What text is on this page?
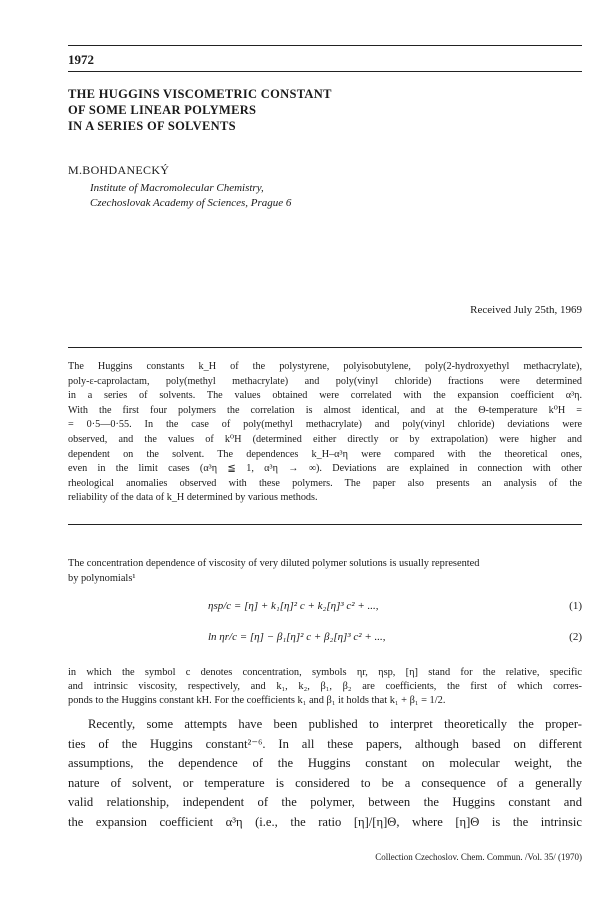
1972
THE HUGGINS VISCOMETRIC CONSTANT
OF SOME LINEAR POLYMERS
IN A SERIES OF SOLVENTS
M.BOHDANECKÝ
Institute of Macromolecular Chemistry,
Czechoslovak Academy of Sciences, Prague 6
Received July 25th, 1969
The Huggins constants k_H of the polystyrene, polyisobutylene, poly(2-hydroxyethyl methacrylate),
poly-ε-caprolactam, poly(methyl methacrylate) and poly(vinyl chloride) fractions were determined
in a series of solvents. The values obtained were correlated with the expansion coefficient α³η.
With the first four polymers the correlation is almost identical, and at the Θ-temperature k⁰H =
= 0·5—0·55. In the case of poly(methyl methacrylate) and poly(vinyl chloride) deviations were
observed, and the values of k⁰H (determined either directly or by extrapolation) were higher and
dependent on the solvent. The dependences k_H–α³η were compared with the theoretical ones,
even in the limit cases (α³η ≦ 1, α³η → ∞). Deviations are explained in connection with other
rheological anomalies observed with these polymers. The paper also presents an analysis of the
reliability of the data of k_H determined by various methods.
The concentration dependence of viscosity of very diluted polymer solutions is usually represented
by polynomials¹
ηsp/c = [η] + k₁[η]² c + k₂[η]³ c² + ...,	(1)
ln ηr/c = [η] − β₁[η]² c + β₂[η]³ c² + ...,	(2)
in which the symbol c denotes concentration, symbols ηr, ηsp, [η] stand for the relative, specific
and intrinsic viscosity, respectively, and k₁, k₂, β₁, β₂ are coefficients, the first of which corres-
ponds to the Huggins constant kH. For the coefficients k₁ and β₁ it holds that k₁ + β₁ = 1/2.
Recently, some attempts have been published to interpret theoretically the proper-
ties of the Huggins constant²⁻⁶. In all these papers, although based on different
assumptions, the dependence of the Huggins constant on molecular weight, the
nature of solvent, or temperature is considered to be a consequence of a generally
valid relationship, independent of the polymer, between the Huggins constant and
the expansion coefficient α³η (i.e., the ratio [η]/[η]Θ, where [η]Θ is the intrinsic
Collection Czechoslov. Chem. Commun. /Vol. 35/ (1970)
